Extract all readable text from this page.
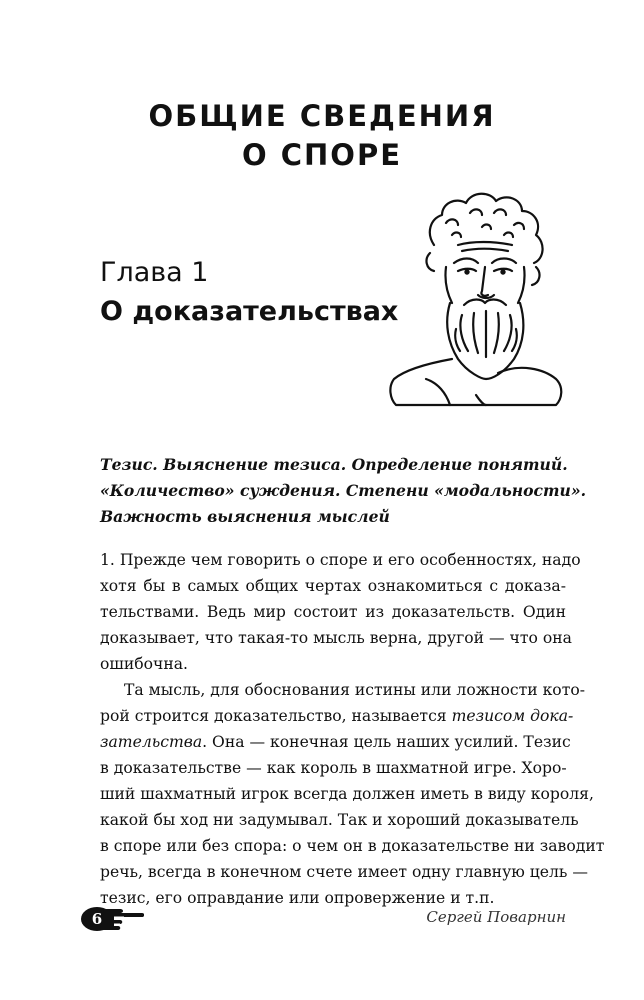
ОБЩИЕ СВЕДЕНИЯ
О СПОРЕ
Глава 1
О доказательствах
Тезис. Выяснение тезиса. Определение понятий.
«Количество» суждения. Степени «модальности».
Важность выяснения мыслей
1. Прежде чем говорить о споре и его особенностях, надо
хотя бы в самых общих чертах ознакомиться с доказа-
тельствами. Ведь мир состоит из доказательств. Один
доказывает, что такая-то мысль верна, другой — что она
ошибочна.
Та мысль, для обоснования истины или ложности кото-
рой строится доказательство, называется тезисом дока-
зательства. Она — конечная цель наших усилий. Тезис
в доказательстве — как король в шахматной игре. Хоро-
ший шахматный игрок всегда должен иметь в виду короля,
какой бы ход ни задумывал. Так и хороший доказыватель
в споре или без спора: о чем он в доказательстве ни заводит
речь, всегда в конечном счете имеет одну главную цель —
тезис, его оправдание или опровержение и т.п.
6	Сергей Поварнин
